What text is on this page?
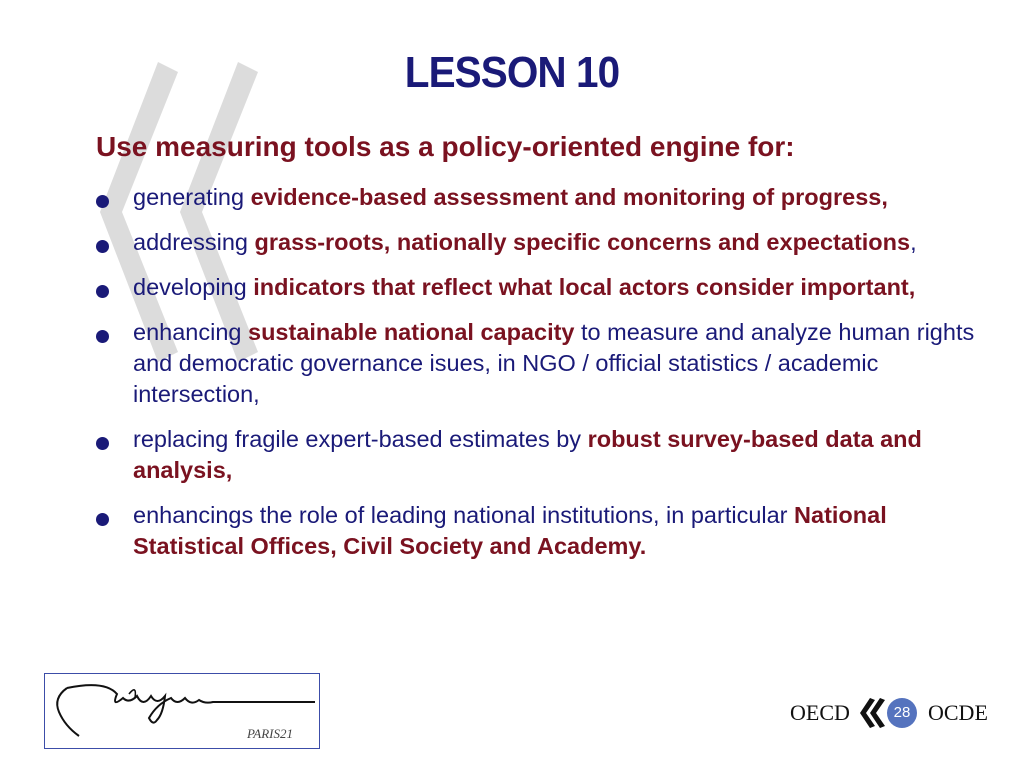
LESSON 10
Use measuring tools as a policy-oriented engine for:
generating evidence-based assessment and monitoring of progress,
addressing grass-roots, nationally specific concerns and expectations,
developing indicators that reflect what local actors consider important,
enhancing sustainable national capacity to measure and analyze human rights and democratic governance isues, in NGO / official statistics / academic intersection,
replacing fragile expert-based estimates by robust survey-based data and analysis,
enhancings the role of leading national institutions, in particular National Statistical Offices, Civil Society and Academy.
PARIS21
OECD	28 OCDE
